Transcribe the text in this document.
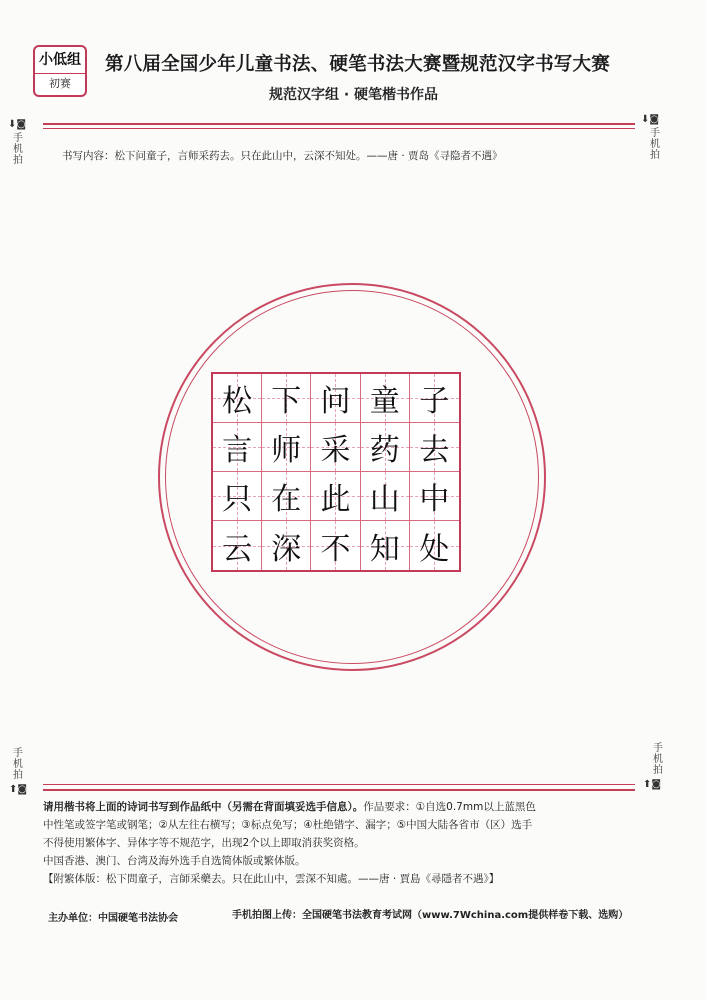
小低组
初赛
第八届全国少年儿童书法、硬笔书法大赛暨规范汉字书写大赛
规范汉字组 · 硬笔楷书作品
⬇◙
手机拍
⬇◙
手机拍
书写内容：松下问童子，言师采药去。只在此山中，云深不知处。——唐 · 贾岛《寻隐者不遇》
松 下 问 童 子
言 师 采 药 去
只 在 此 山 中
云 深 不 知 处
手机拍
⬆◙
手机拍
⬆◙

请用楷书将上面的诗词书写到作品纸中（另需在背面填妥选手信息）。作品要求：①自选0.7mm以上蓝黑色

中性笔或签字笔或钢笔；②从左往右横写；③标点免写；④杜绝错字、漏字；⑤中国大陆各省市（区）选手

不得使用繁体字、异体字等不规范字，出现2个以上即取消获奖资格。

中国香港、澳门、台湾及海外选手自选简体版或繁体版。

【附繁体版：松下問童子，言師采藥去。只在此山中，雲深不知處。——唐 · 賈島《尋隱者不遇》】

主办单位：中国硬笔书法协会	手机拍图上传：全国硬笔书法教育考试网（www.7Wchina.com提供样卷下载、选购）
